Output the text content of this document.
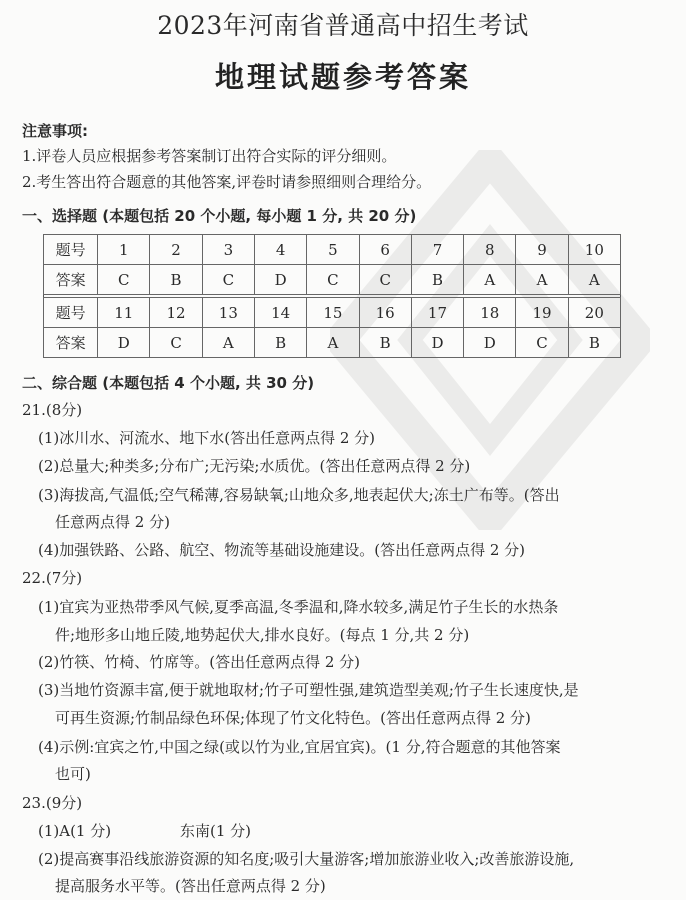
2023年河南省普通高中招生考试
地理试题参考答案
注意事项:
1.评卷人员应根据参考答案制订出符合实际的评分细则。
2.考生答出符合题意的其他答案,评卷时请参照细则合理给分。
一、选择题 (本题包括 20 个小题, 每小题 1 分, 共 20 分)
题号	1	2	3	4	5	6	7	8	9	10
答案	C	B	C	D	C	C	B	A	A	A

题号	11	12	13	14	15	16	17	18	19	20
答案	D	C	A	B	A	B	D	D	C	B
二、综合题 (本题包括 4 个小题, 共 30 分)
21.(8分)
(1)冰川水、河流水、地下水(答出任意两点得 2 分)
(2)总量大;种类多;分布广;无污染;水质优。(答出任意两点得 2 分)
(3)海拔高,气温低;空气稀薄,容易缺氧;山地众多,地表起伏大;冻土广布等。(答出
任意两点得 2 分)
(4)加强铁路、公路、航空、物流等基础设施建设。(答出任意两点得 2 分)
22.(7分)
(1)宜宾为亚热带季风气候,夏季高温,冬季温和,降水较多,满足竹子生长的水热条
件;地形多山地丘陵,地势起伏大,排水良好。(每点 1 分,共 2 分)
(2)竹筷、竹椅、竹席等。(答出任意两点得 2 分)
(3)当地竹资源丰富,便于就地取材;竹子可塑性强,建筑造型美观;竹子生长速度快,是
可再生资源;竹制品绿色环保;体现了竹文化特色。(答出任意两点得 2 分)
(4)示例:宜宾之竹,中国之绿(或以竹为业,宜居宜宾)。(1 分,符合题意的其他答案
也可)
23.(9分)
(1)A(1 分)	东南(1 分)
(2)提高赛事沿线旅游资源的知名度;吸引大量游客;增加旅游业收入;改善旅游设施,
提高服务水平等。(答出任意两点得 2 分)
